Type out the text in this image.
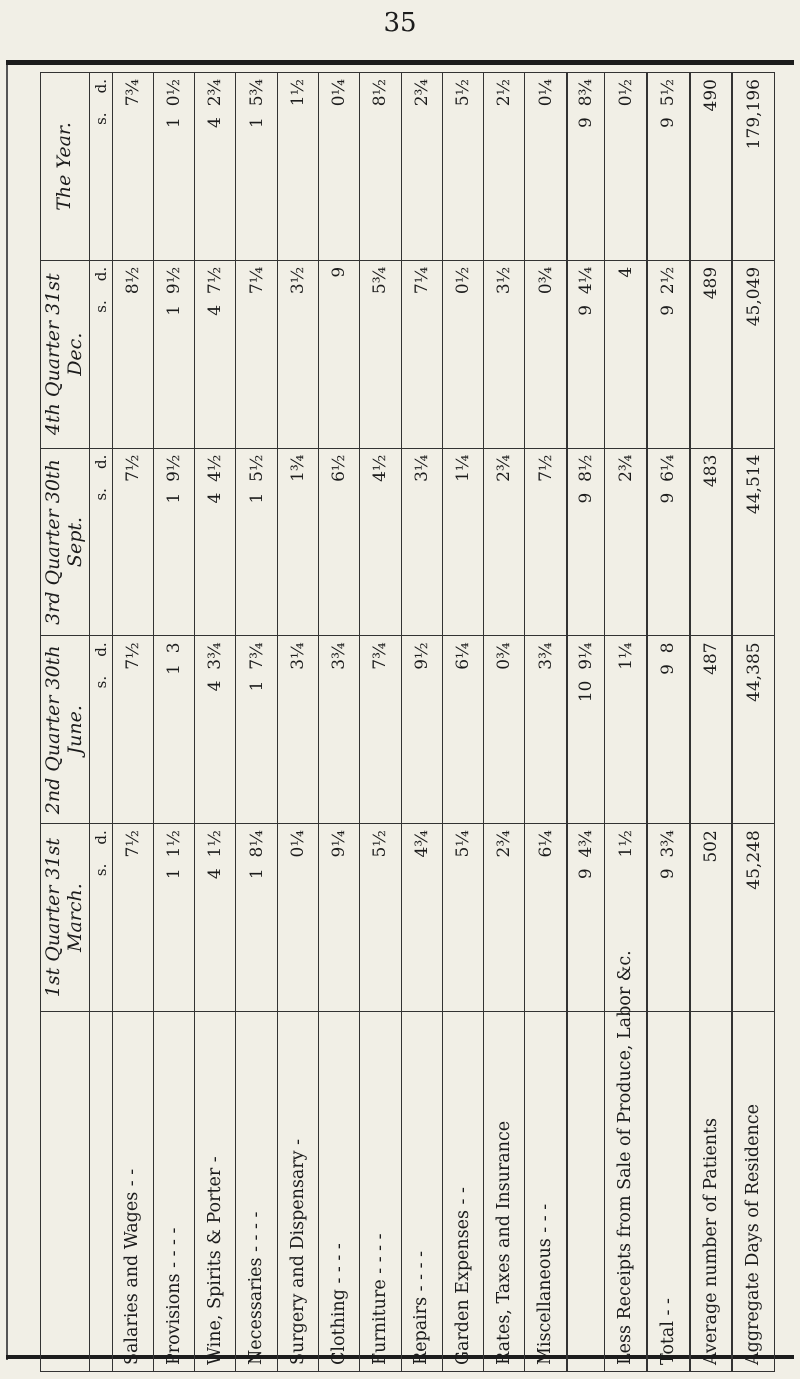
35
	1st Quarter 31st March.	2nd Quarter 30th June.	3rd Quarter 30th Sept.	4th Quarter 31st Dec.	The Year.
	s.    d.	s.    d.	s.    d.	s.    d.	s.    d.
Salaries and Wages - -	7½	7½	7½	8½	7¾
Provisions - - - -	1  1½	1  3	1  9½	1  9½	1  0½
Wine, Spirits & Porter -	4  1½	4  3¾	4  4½	4  7½	4  2¾
Necessaries - - - -	1  8¼	1  7¾	1  5½	7¼	1  5¾
Surgery and Dispensary -	0¼	3¼	1¾	3½	1½
Clothing - - - -	9¼	3¾	6½	9	0¼
Furniture - - - -	5½	7¾	4½	5¾	8½
Repairs - - - -	4¾	9½	3¼	7¼	2¾
Garden Expenses - -	5¼	6¼	1¼	0½	5½
Rates, Taxes and Insurance	2¾	0¾	2¾	3½	2½
Miscellaneous - - -	6¼	3¾	7½	0¾	0¼
	9  4¾	10  9¼	9  8½	9  4¼	9  8¾
Less Receipts from Sale of Produce, Labor &c.	1½	1¼	2¾	4	0½
Total - -	9  3¾	9  8	9  6¼	9  2½	9  5½
Average number of Patients	502	487	483	489	490
Aggregate Days of Residence	45,248	44,385	44,514	45,049	179,196
